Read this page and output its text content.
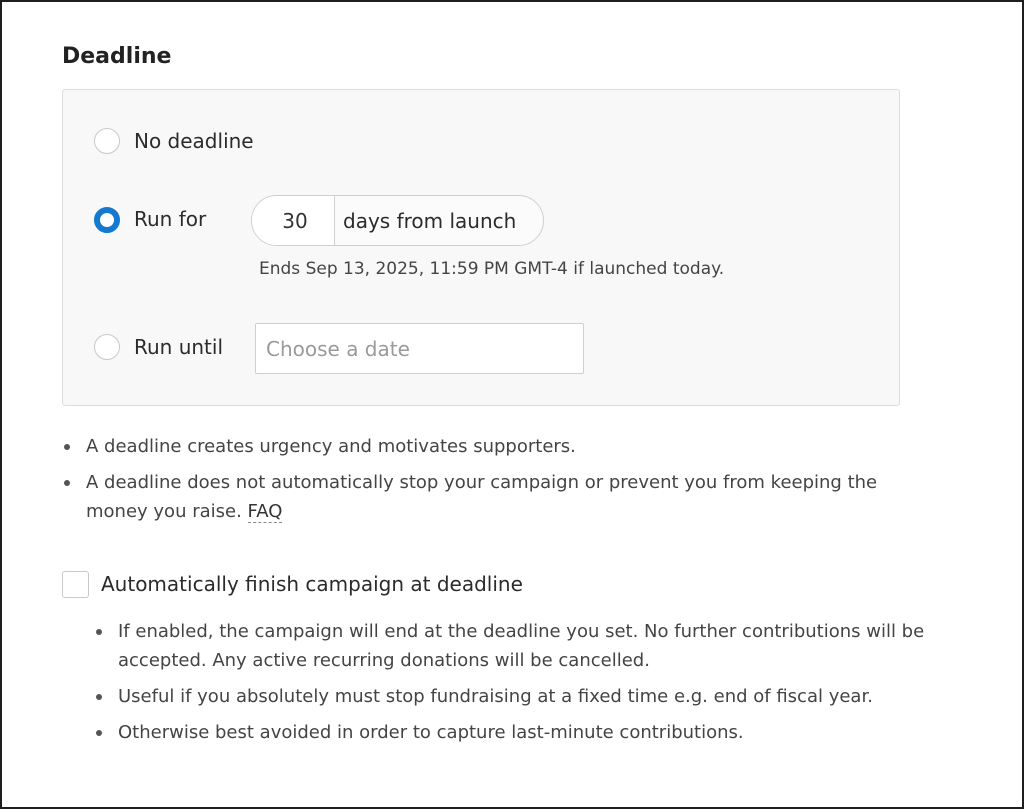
Deadline
No deadline
Run for
30	days from launch
Ends Sep 13, 2025, 11:59 PM GMT-4 if launched today.
Run until
Choose a date
A deadline creates urgency and motivates supporters.
A deadline does not automatically stop your campaign or prevent you from keeping the money you raise. FAQ
Automatically finish campaign at deadline
If enabled, the campaign will end at the deadline you set. No further contributions will be accepted. Any active recurring donations will be cancelled.
Useful if you absolutely must stop fundraising at a fixed time e.g. end of fiscal year.
Otherwise best avoided in order to capture last-minute contributions.
